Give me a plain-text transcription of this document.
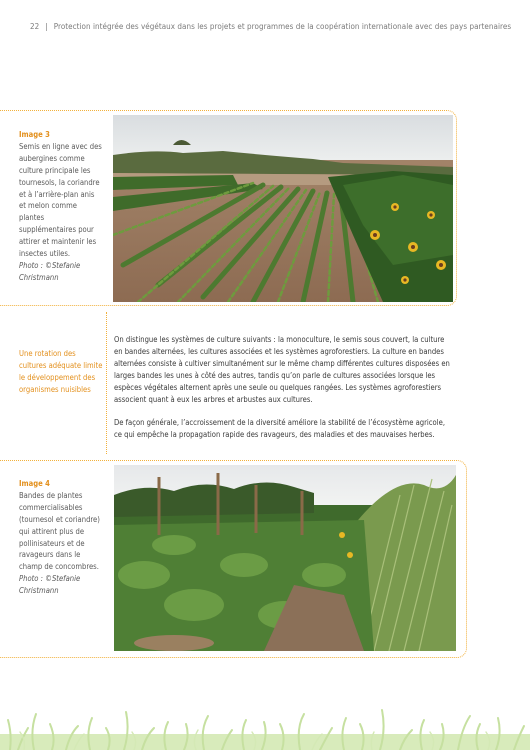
22 | Protection intégrée des végétaux dans les projets et programmes de la coopération internationale avec des pays partenaires
Image 3
Semis en ligne avec des aubergines comme culture principale les tournesols, la coriandre et à l’arrière-plan anis et melon comme plantes supplémentaires pour attirer et maintenir les insectes utiles.
Photo : ©Stefanie Christmann
Une rotation des cultures adéquate limite le développement des organismes nuisibles

On distingue les systèmes de culture suivants : la monoculture, le semis sous couvert, la culture en bandes alternées, les cultures associées et les systèmes agroforestiers. La culture en bandes alternées consiste à cultiver simultanément sur le même champ différentes cultures disposées en larges bandes les unes à côté des autres, tandis qu’on parle de cultures associées lorsque les espèces végétales alternent après une seule ou quelques rangées. Les systèmes agroforestiers associent quant à eux les arbres et arbustes aux cultures.

De façon générale, l’accroissement de la diversité améliore la stabilité de l’écosystème agricole, ce qui empêche la propagation rapide des ravageurs, des maladies et des mauvaises herbes.

Image 4
Bandes de plantes commercialisables (tournesol et coriandre) qui attirent plus de pollinisateurs et de ravageurs dans le champ de concombres.
Photo : ©Stefanie Christmann
